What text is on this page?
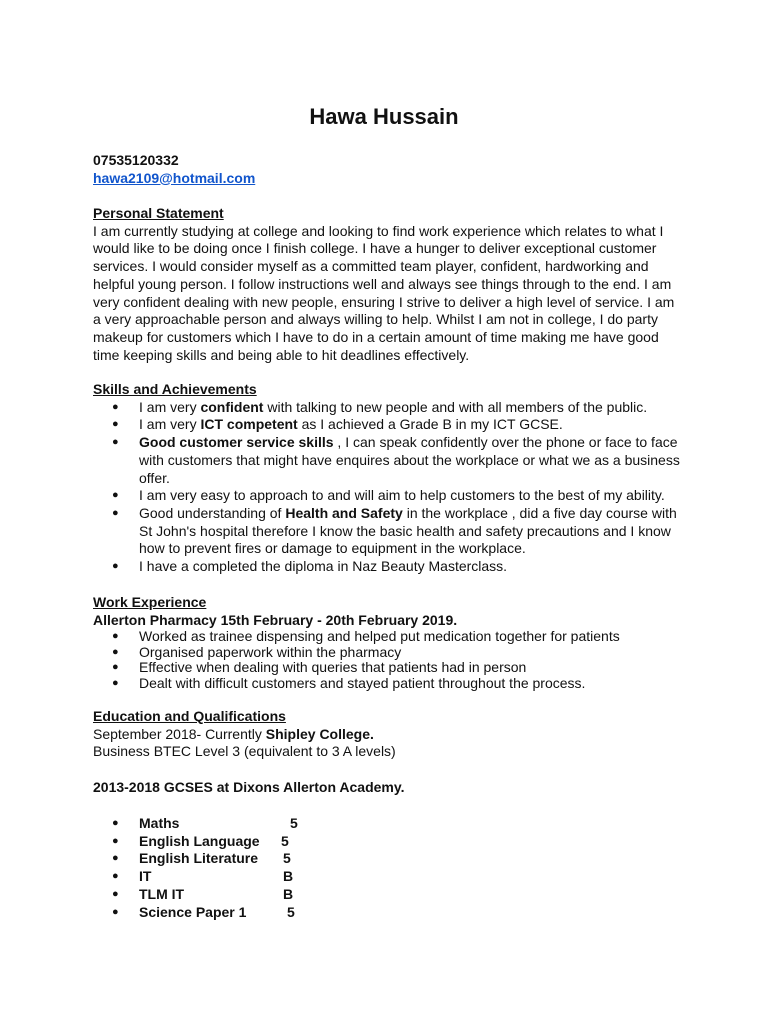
Hawa Hussain

07535120332

hawa2109@hotmail.com

Personal Statement

I am currently studying at college and looking to find work experience which relates to what I would like to be doing once I finish college. I have a hunger to deliver exceptional customer services. I would consider myself as a committed team player, confident, hardworking and helpful young person. I follow instructions well and always see things through to the end. I am very confident dealing with new people, ensuring I strive to deliver a high level of service. I am a very approachable person and always willing to help. Whilst I am not in college, I do party makeup for customers which I have to do in a certain amount of time making me have good time keeping skills and being able to hit deadlines effectively.

Skills and Achievements

● I am very confident with talking to new people and with all members of the public.
● I am very ICT competent as I achieved a Grade B in my ICT GCSE.
● Good customer service skills , I can speak confidently over the phone or face to face with customers that might have enquires about the workplace or what we as a business offer.
● I am very easy to approach to and will aim to help customers to the best of my ability.
● Good understanding of Health and Safety in the workplace , did a five day course with St John's hospital therefore I know the basic health and safety precautions and I know how to prevent fires or damage to equipment in the workplace.
● I have a completed the diploma in Naz Beauty Masterclass.

Work Experience

Allerton Pharmacy 15th February - 20th February 2019.

● Worked as trainee dispensing and helped put medication together for patients
● Organised paperwork within the pharmacy
● Effective when dealing with queries that patients had in person
● Dealt with difficult customers and stayed patient throughout the process.

Education and Qualifications

September 2018- Currently Shipley College.

Business BTEC Level 3 (equivalent to 3 A levels)

2013-2018 GCSES at Dixons Allerton Academy.

● Maths	5
● English Language 5
● English Literature 5
● IT	B
● TLM IT	B
● Science Paper 1	5
